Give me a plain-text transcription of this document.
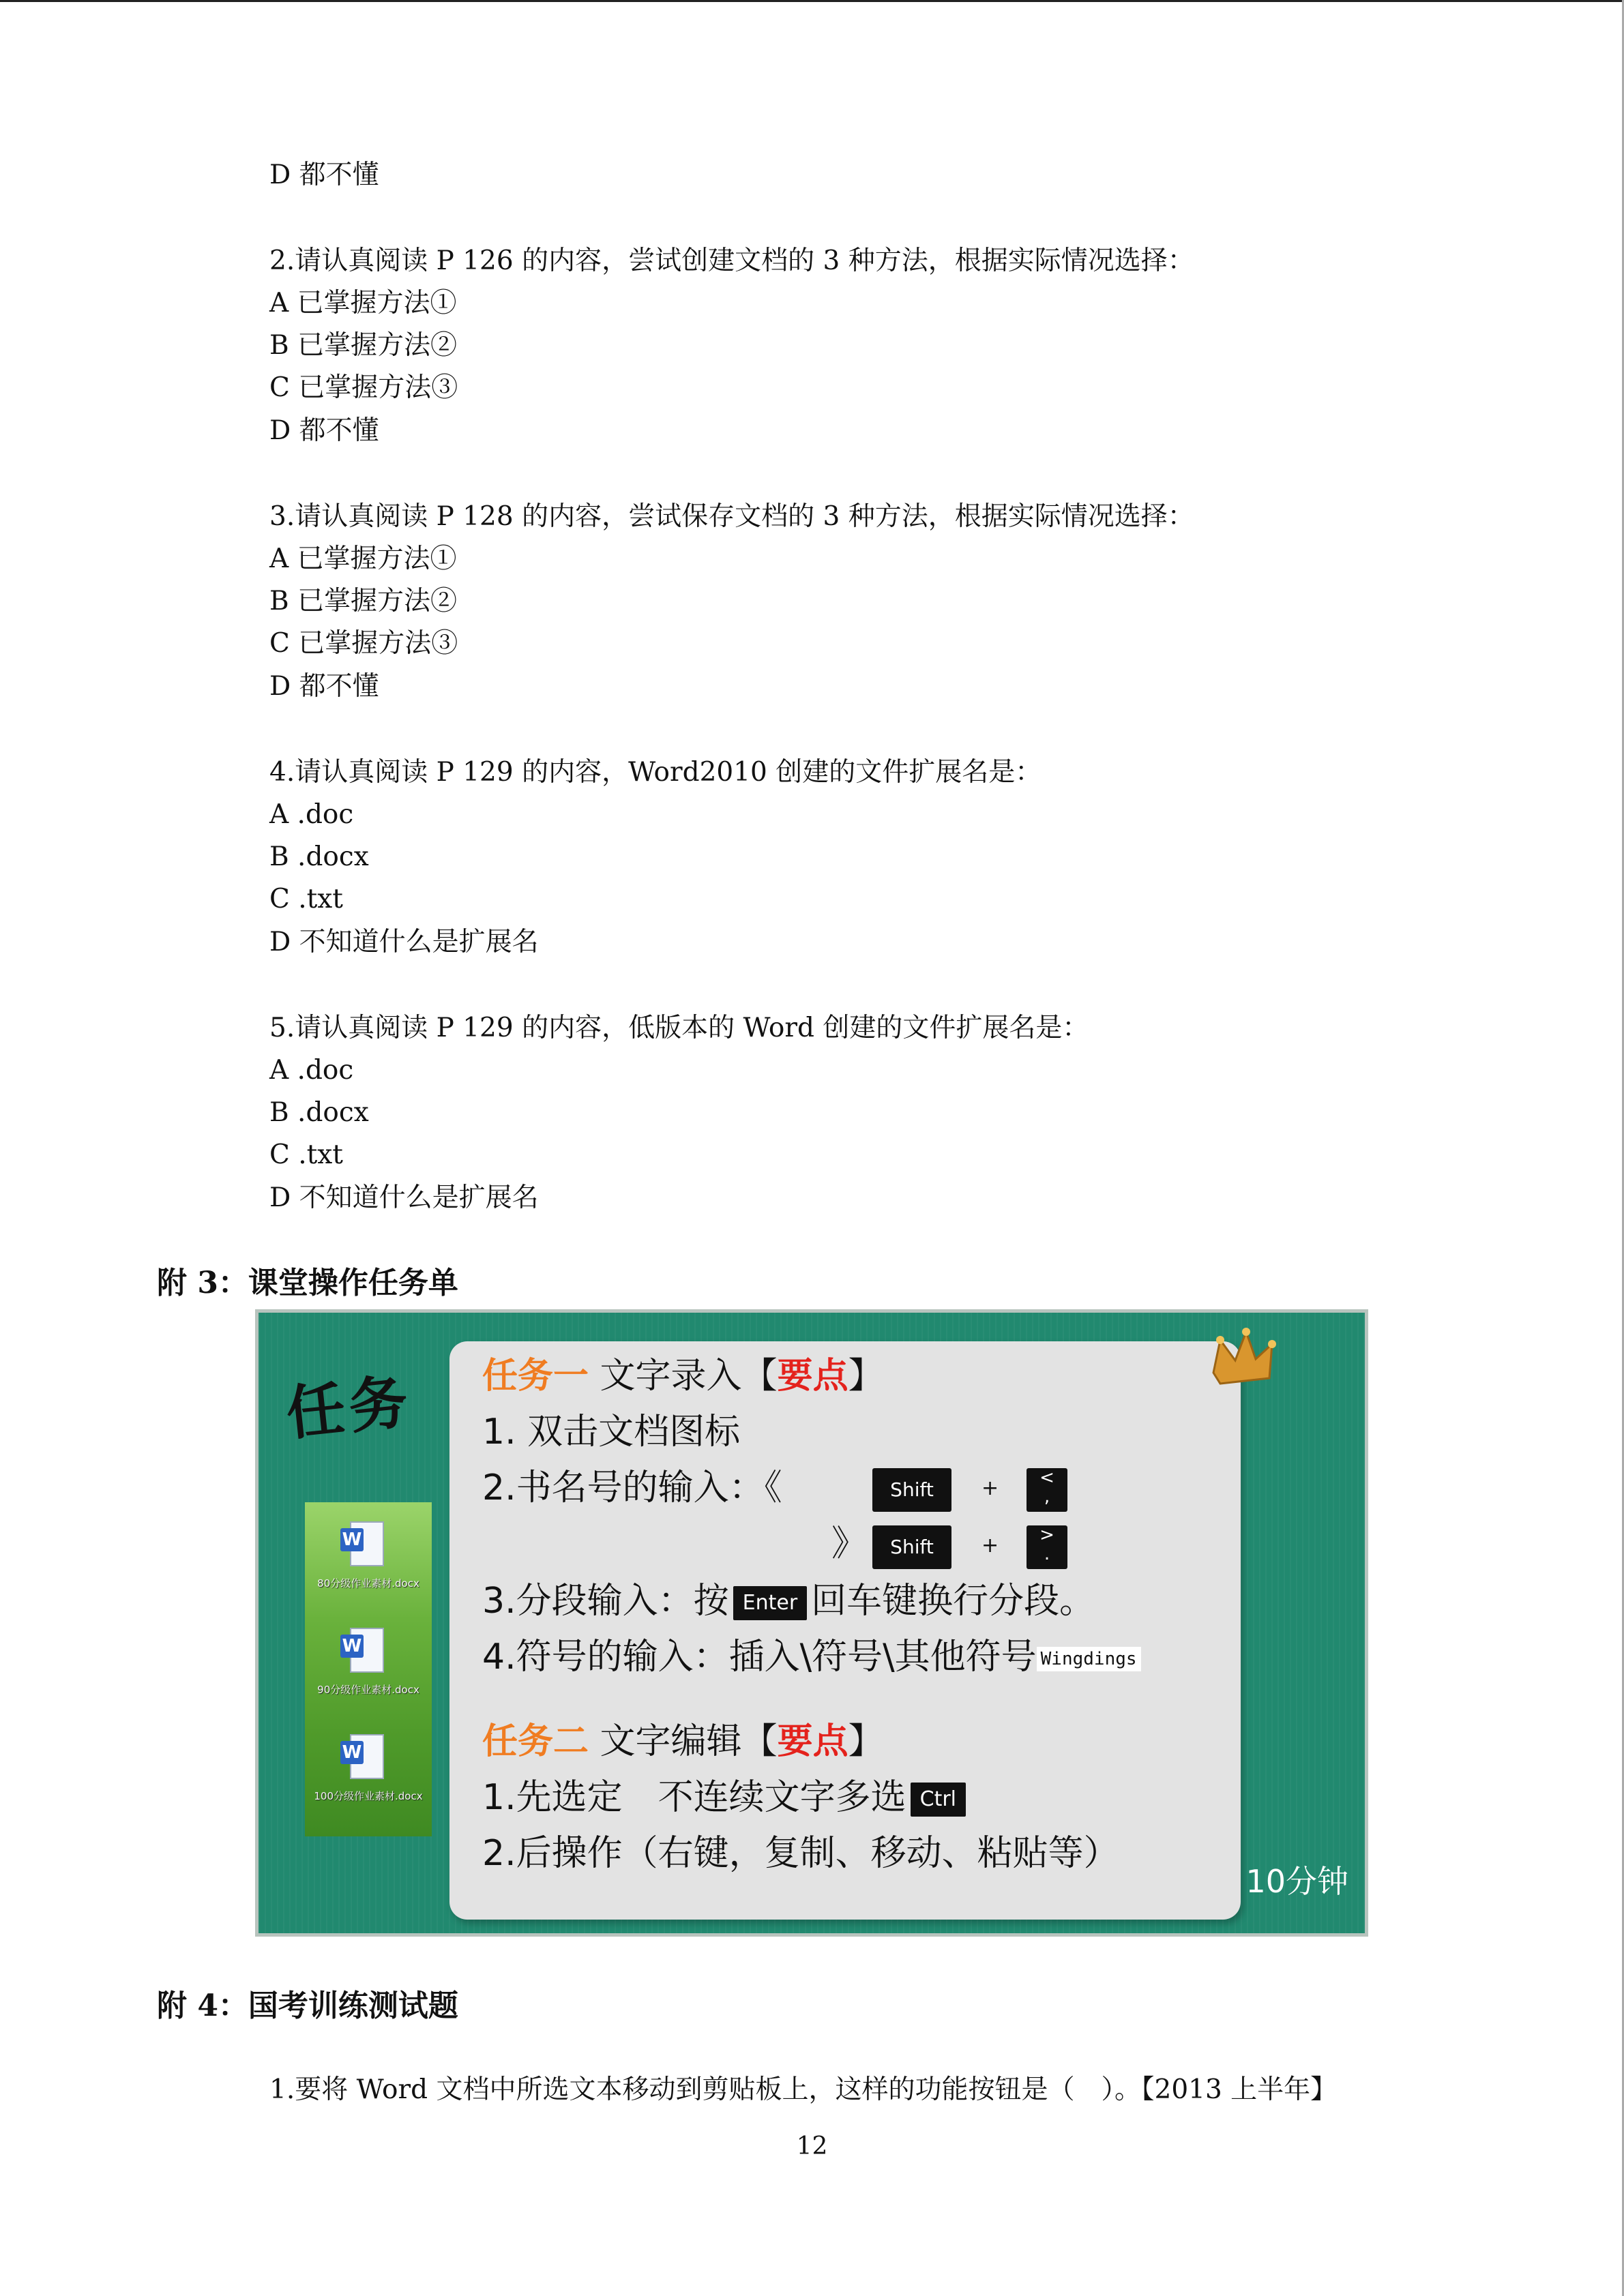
D 都不懂
2.请认真阅读 P 126 的内容，尝试创建文档的 3 种方法，根据实际情况选择：
A 已掌握方法①
B 已掌握方法②
C 已掌握方法③
D 都不懂
3.请认真阅读 P 128 的内容，尝试保存文档的 3 种方法，根据实际情况选择：
A 已掌握方法①
B 已掌握方法②
C 已掌握方法③
D 都不懂
4.请认真阅读 P 129 的内容，Word2010 创建的文件扩展名是：
A .doc
B .docx
C .txt
D 不知道什么是扩展名
5.请认真阅读 P 129 的内容，低版本的 Word 创建的文件扩展名是：
A .doc
B .docx
C .txt
D 不知道什么是扩展名
附 3：课堂操作任务单
任务
W
80分级作业素材.docx
W
90分级作业素材.docx
W
100分级作业素材.docx
任务一 文字录入【要点】
1. 双击文档图标
2.书名号的输入：《	Shift	+	<
,
》	Shift	+	>
.
3.分段输入：按 Enter 回车键换行分段。
4.符号的输入：插入\符号\其他符号 Wingdings
任务二 文字编辑【要点】
1.先选定　不连续文字多选 Ctrl
2.后操作（右键，复制、移动、粘贴等）
10分钟
附 4：国考训练测试题
1.要将 Word 文档中所选文本移动到剪贴板上，这样的功能按钮是（　）。【2013 上半年】
12
